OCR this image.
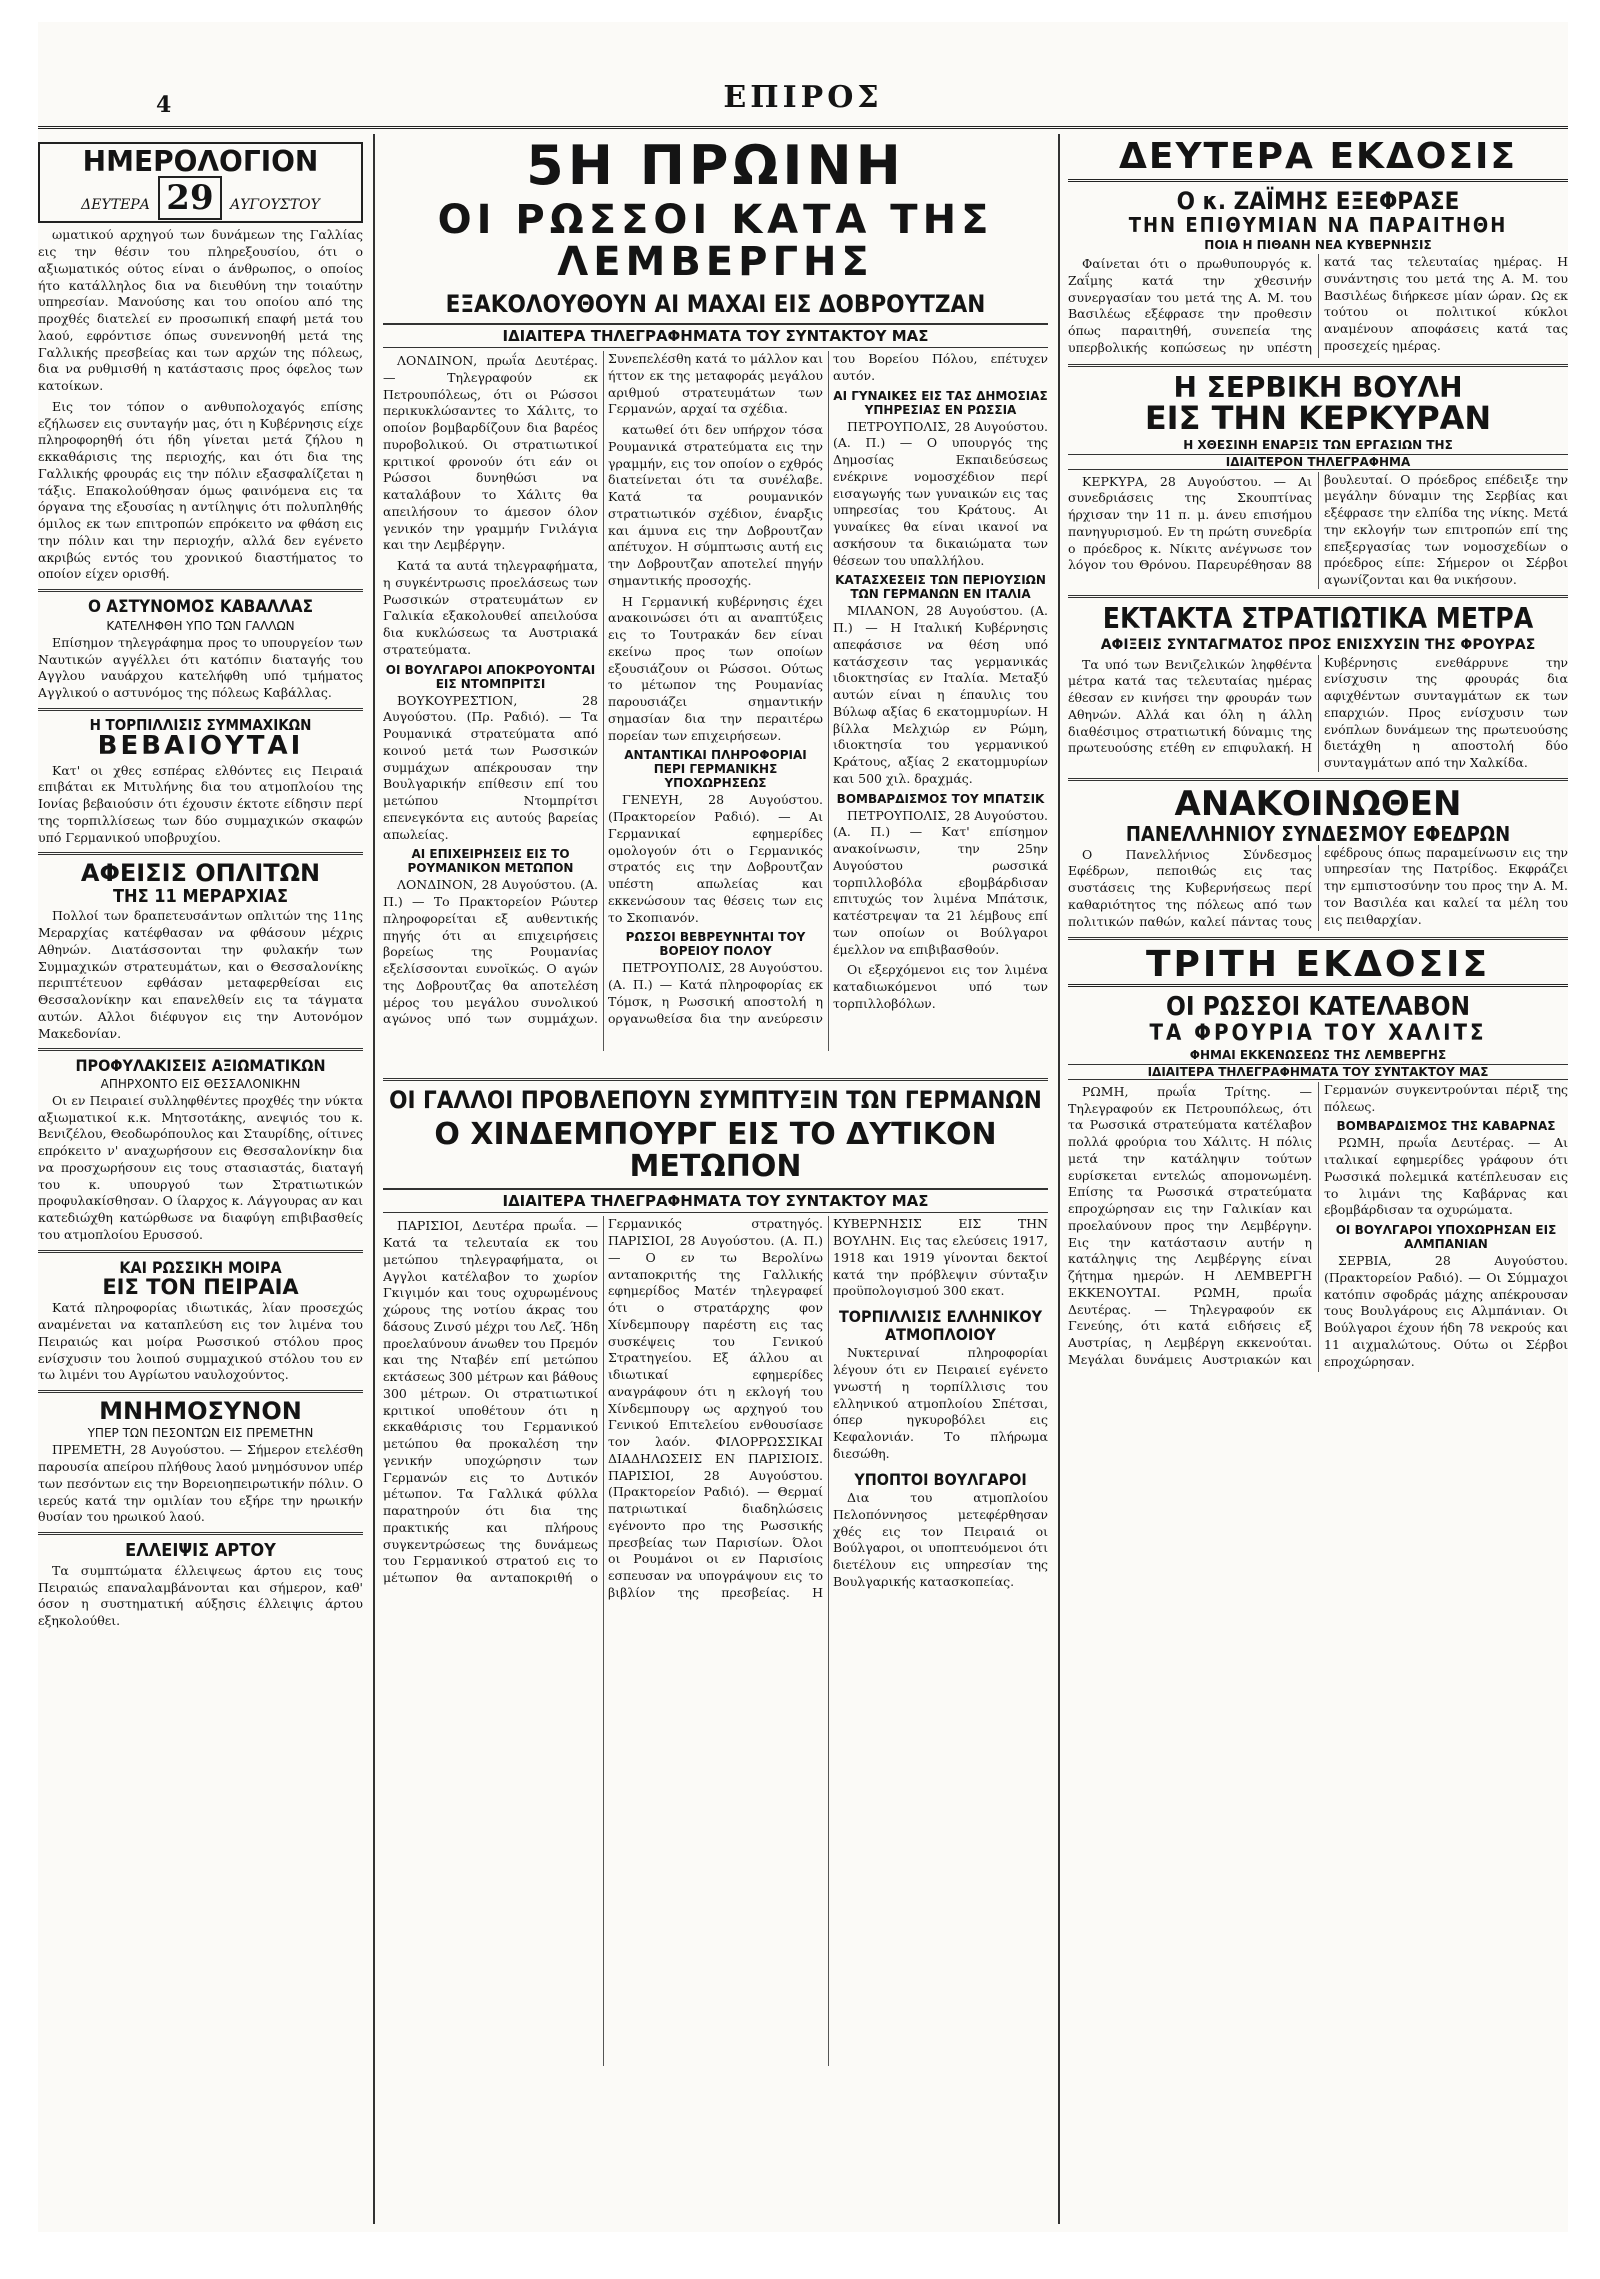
4	ΕΠΙΡΟΣ
ΗΜΕΡΟΛΟΓΙΟΝ
ΔΕΥΤΕΡΑ 29 ΑΥΓΟΥΣΤΟΥ
ωματικού αρχηγού των δυνάμεων της Γαλλίας εις την θέσιν του πληρεξουσίου, ότι ο αξιωματικός ούτος είναι ο άνθρωπος, ο οποίος ήτο κατάλληλος δια να διευθύνη την τοιαύτην υπηρεσίαν. Μανούσης και του οποίου από της προχθές διατελεί εν προσωπική επαφή μετά του λαού, εφρόντισε όπως συνεννοηθή μετά της Γαλλικής πρεσβείας και των αρχών της πόλεως, δια να ρυθμισθή η κατάστασις προς όφελος των κατοίκων.
Εις τον τόπον ο ανθυπολοχαγός επίσης εζήλωσεν εις συνταγήν μας, ότι η Κυβέρνησις είχε πληροφορηθή ότι ήδη γίνεται μετά ζήλου η εκκαθάρισις της περιοχής, και ότι δια της Γαλλικής φρουράς εις την πόλιν εξασφαλίζεται η τάξις. Επακολούθησαν όμως φαινόμενα εις τα όργανα της εξουσίας η αντίληψις ότι πολυπληθής όμιλος εκ των επιτροπών επρόκειτο να φθάση εις την πόλιν και την περιοχήν, αλλά δεν εγένετο ακριβώς εντός του χρονικού διαστήματος το οποίον είχεν ορισθή.
Ο ΑΣΤΥΝΟΜΟΣ ΚΑΒΑΛΛΑΣ
ΚΑΤΕΛΗΦΘΗ ΥΠΟ ΤΩΝ ΓΑΛΛΩΝ
Επίσημον τηλεγράφημα προς το υπουργείον των Ναυτικών αγγέλλει ότι κατόπιν διαταγής του Αγγλου ναυάρχου κατελήφθη υπό τμήματος Αγγλικού ο αστυνόμος της πόλεως Καβάλλας.
Η ΤΟΡΠΙΛΛΙΣΙΣ ΣΥΜΜΑΧΙΚΩΝ
ΒΕΒΑΙΟΥΤΑΙ
Κατ' οι χθες εσπέρας ελθόντες εις Πειραιά επιβάται εκ Μιτυλήνης δια του ατμοπλοίου της Ιονίας βεβαιούσιν ότι έχουσιν έκτοτε είδησιν περί της τορπιλλίσεως των δύο συμμαχικών σκαφών υπό Γερμανικού υποβρυχίου.
ΑΦΕΙΣΙΣ ΟΠΛΙΤΩΝ
ΤΗΣ 11 ΜΕΡΑΡΧΙΑΣ
Πολλοί των δραπετευσάντων οπλιτών της 11ης Μεραρχίας κατέφθασαν να φθάσουν μέχρις Αθηνών. Διατάσσονται την φυλακήν των Συμμαχικών στρατευμάτων, και ο Θεσσαλονίκης περιπτέτευον εφθάσαν μεταφερθείσαι εις Θεσσαλονίκην και επανελθείν εις τα τάγματα αυτών. Αλλοι διέφυγον εις την Αυτονόμον Μακεδονίαν.
ΠΡΟΦΥΛΑΚΙΣΕΙΣ ΑΞΙΩΜΑΤΙΚΩΝ
ΑΠΗΡΧΟΝΤΟ ΕΙΣ ΘΕΣΣΑΛΟΝΙΚΗΝ
Οι εν Πειραιεί συλληφθέντες προχθές την νύκτα αξιωματικοί κ.κ. Μητσοτάκης, ανεψιός του κ. Βενιζέλου, Θεοδωρόπουλος και Σταυρίδης, οίτινες επρόκειτο ν' αναχωρήσουν εις Θεσσαλονίκην δια να προσχωρήσουν εις τους στασιαστάς, διαταγή του κ. υπουργού των Στρατιωτικών προφυλακίσθησαν. Ο ίλαρχος κ. Λάγγουρας αν και κατεδιώχθη κατώρθωσε να διαφύγη επιβιβασθείς του ατμοπλοίου Ερυσσού.
ΚΑΙ ΡΩΣΣΙΚΗ ΜΟΙΡΑ
ΕΙΣ ΤΟΝ ΠΕΙΡΑΙΑ
Κατά πληροφορίας ιδιωτικάς, λίαν προσεχώς αναμένεται να καταπλεύση εις τον λιμένα του Πειραιώς και μοίρα Ρωσσικού στόλου προς ενίσχυσιν του λοιπού συμμαχικού στόλου του εν τω λιμένι του Αγρίωτου ναυλοχούντος.
ΜΝΗΜΟΣΥΝΟΝ
ΥΠΕΡ ΤΩΝ ΠΕΣΟΝΤΩΝ ΕΙΣ ΠΡΕΜΕΤΗΝ
ΠΡΕΜΕΤΗ, 28 Αυγούστου. — Σήμερον ετελέσθη παρουσία απείρου πλήθους λαού μνημόσυνον υπέρ των πεσόντων εις την Βορειοηπειρωτικήν πόλιν. Ο ιερεύς κατά την ομιλίαν του εξήρε την ηρωικήν θυσίαν του ηρωικού λαού.
ΕΛΛΕΙΨΙΣ ΑΡΤΟΥ
Τα συμπτώματα έλλειψεως άρτου εις τους Πειραιώς επαναλαμβάνονται και σήμερον, καθ' όσον η συστηματική αύξησις έλλειψις άρτου εξηκολούθει.
5Η ΠΡΩΙΝΗ
ΟΙ ΡΩΣΣΟΙ ΚΑΤΑ ΤΗΣ ΛΕΜΒΕΡΓΗΣ
ΕΞΑΚΟΛΟΥΘΟΥΝ ΑΙ ΜΑΧΑΙ ΕΙΣ ΔΟΒΡΟΥΤΖΑΝ
ΙΔΙΑΙΤΕΡΑ ΤΗΛΕΓΡΑΦΗΜΑΤΑ ΤΟΥ ΣΥΝΤΑΚΤΟΥ ΜΑΣ
ΛΟΝΔΙΝΟΝ, πρωΐα Δευτέρας. — Τηλεγραφούν εκ Πετρουπόλεως, ότι οι Ρώσσοι περικυκλώσαντες το Χάλιτς, το οποίον βομβαρδίζουν δια βαρέος πυροβολικού. Οι στρατιωτικοί κριτικοί φρονούν ότι εάν οι Ρώσσοι δυνηθώσι να καταλάβουν το Χάλιτς θα απειλήσουν το άμεσον όλον γενικόν την γραμμήν Γνιλάγια και την Λεμβέργην.
Κατά τα αυτά τηλεγραφήματα, η συγκέντρωσις προελάσεως των Ρωσσικών στρατευμάτων εν Γαλικία εξακολουθεί απειλούσα δια κυκλώσεως τα Αυστριακά στρατεύματα.
ΟΙ ΒΟΥΛΓΑΡΟΙ ΑΠΟΚΡΟΥΟΝΤΑΙ ΕΙΣ ΝΤΟΜΠΡΙΤΣΙ
ΒΟΥΚΟΥΡΕΣΤΙΟΝ, 28 Αυγούστου. (Πρ. Ραδιό). — Τα Ρουμανικά στρατεύματα από κοινού μετά των Ρωσσικών συμμάχων απέκρουσαν την Βουλγαρικήν επίθεσιν επί του μετώπου Ντομπρίτσι επενεγκόντα εις αυτούς βαρείας απωλείας.
ΑΙ ΕΠΙΧΕΙΡΗΣΕΙΣ ΕΙΣ ΤΟ ΡΟΥΜΑΝΙΚΟΝ ΜΕΤΩΠΟΝ
ΛΟΝΔΙΝΟΝ, 28 Αυγούστου. (Α. Π.) — Το Πρακτορείον Ρώυτερ πληροφορείται εξ αυθεντικής πηγής ότι αι επιχειρήσεις βορείως της Ρουμανίας εξελίσσονται ευνοϊκώς. Ο αγών της Δοβρουτζας θα αποτελέση μέρος του μεγάλου συνολικού αγώνος υπό των συμμάχων. Συνεπελέσθη κατά το μάλλον και ήττον εκ της μεταφοράς μεγάλου αριθμού στρατευμάτων των Γερμανών, αρχαί τα σχέδια.
κατωθεί ότι δεν υπήρχον τόσα Ρουμανικά στρατεύματα εις την γραμμήν, εις τον οποίον ο εχθρός διατείνεται ότι τα συνέλαβε. Κατά τα ρουμανικόν στρατιωτικόν σχέδιον, έναρξις και άμυνα εις την Δοβρουτζαν απέτυχον. Η σύμπτωσις αυτή εις την Δοβρουτζαν αποτελεί πηγήν σημαντικής προσοχής.
Η Γερμανική κυβέρνησις έχει ανακοινώσει ότι αι αναπτύξεις εις το Τουτρακάν δεν είναι εκείνω προς των οποίων εξουσιάζουν οι Ρώσσοι. Ούτως το μέτωπον της Ρουμανίας παρουσιάζει σημαντικήν σημασίαν δια την περαιτέρω πορείαν των επιχειρήσεων.
ΑΝΤΑΝΤΙΚΑΙ ΠΛΗΡΟΦΟΡΙΑΙ ΠΕΡΙ ΓΕΡΜΑΝΙΚΗΣ ΥΠΟΧΩΡΗΣΕΩΣ
ΓΕΝΕΥΗ, 28 Αυγούστου. (Πρακτορείον Ραδιό). — Αι Γερμανικαί εφημερίδες ομολογούν ότι ο Γερμανικός στρατός εις την Δοβρουτζαν υπέστη απωλείας και εκκενώσουν τας θέσεις των εις το Σκοπιανόν.
ΡΩΣΣΟΙ ΒΕΒΡΕΥΝΗΤΑΙ ΤΟΥ ΒΟΡΕΙΟΥ ΠΟΛΟΥ
ΠΕΤΡΟΥΠΟΛΙΣ, 28 Αυγούστου. (Α. Π.) — Κατά πληροφορίας εκ Τόμσκ, η Ρωσσική αποστολή η οργανωθείσα δια την ανεύρεσιν του Βορείου Πόλου, επέτυχεν αυτόν.
ΑΙ ΓΥΝΑΙΚΕΣ ΕΙΣ ΤΑΣ ΔΗΜΟΣΙΑΣ ΥΠΗΡΕΣΙΑΣ ΕΝ ΡΩΣΣΙΑ
ΠΕΤΡΟΥΠΟΛΙΣ, 28 Αυγούστου. (Α. Π.) — Ο υπουργός της Δημοσίας Εκπαιδεύσεως ενέκρινε νομοσχέδιον περί εισαγωγής των γυναικών εις τας υπηρεσίας του Κράτους. Αι γυναίκες θα είναι ικανοί να ασκήσουν τα δικαιώματα των θέσεων του υπαλλήλου.
ΚΑΤΑΣΧΕΣΕΙΣ ΤΩΝ ΠΕΡΙΟΥΣΙΩΝ ΤΩΝ ΓΕΡΜΑΝΩΝ ΕΝ ΙΤΑΛΙΑ
ΜΙΛΑΝΟΝ, 28 Αυγούστου. (Α. Π.) — Η Ιταλική Κυβέρνησις απεφάσισε να θέση υπό κατάσχεσιν τας γερμανικάς ιδιοκτησίας εν Ιταλία. Μεταξύ αυτών είναι η έπαυλις του Βύλωφ αξίας 6 εκατομμυρίων. Η βίλλα Μελχιώρ εν Ρώμη, ιδιοκτησία του γερμανικού Κράτους, αξίας 2 εκατομμυρίων και 500 χιλ. δραχμάς.
ΒΟΜΒΑΡΔΙΣΜΟΣ ΤΟΥ ΜΠΑΤΣΙΚ
ΠΕΤΡΟΥΠΟΛΙΣ, 28 Αυγούστου. (Α. Π.) — Κατ' επίσημον ανακοίνωσιν, την 25ην Αυγούστου ρωσσικά τορπιλλοβόλα εβομβάρδισαν επιτυχώς τον λιμένα Μπάτσικ, κατέστρεψαν τα 21 λέμβους επί των οποίων οι Βούλγαροι έμελλον να επιβιβασθούν.
Οι εξερχόμενοι εις τον λιμένα καταδιωκόμενοι υπό των τορπιλλοβόλων.
ΟΙ ΓΑΛΛΟΙ ΠΡΟΒΛΕΠΟΥΝ ΣΥΜΠΤΥΞΙΝ ΤΩΝ ΓΕΡΜΑΝΩΝ
Ο ΧΙΝΔΕΜΠΟΥΡΓ ΕΙΣ ΤΟ ΔΥΤΙΚΟΝ ΜΕΤΩΠΟΝ
ΙΔΙΑΙΤΕΡΑ ΤΗΛΕΓΡΑΦΗΜΑΤΑ ΤΟΥ ΣΥΝΤΑΚΤΟΥ ΜΑΣ
ΠΑΡΙΣΙΟΙ, Δευτέρα πρωΐα. — Κατά τα τελευταία εκ του μετώπου τηλεγραφήματα, οι Αγγλοι κατέλαβον το χωρίον Γκιγιμόν και τους οχυρωμένους χώρους της νοτίου άκρας του δάσους Ζινσύ μέχρι του Λεζ. Ήδη προελαύνουν άνωθεν του Πρεμόν και της Νταβέν επί μετώπου εκτάσεως 300 μέτρων και βάθους 300 μέτρων. Οι στρατιωτικοί κριτικοί υποθέτουν ότι η εκκαθάρισις του Γερμανικού μετώπου θα προκαλέση την γενικήν υποχώρησιν των Γερμανών εις το Δυτικόν μέτωπον. Τα Γαλλικά φύλλα παρατηρούν ότι δια της πρακτικής και πλήρους συγκεντρώσεως της δυνάμεως του Γερμανικού στρατού εις το μέτωπον θα ανταποκριθή ο Γερμανικός στρατηγός. ΠΑΡΙΣΙΟΙ, 28 Αυγούστου. (Α. Π.) — Ο εν τω Βερολίνω ανταποκριτής της Γαλλικής εφημερίδος Ματέν τηλεγραφεί ότι ο στρατάρχης φον Χίνδεμπουργ παρέστη εις τας συσκέψεις του Γενικού Στρατηγείου. Εξ άλλου αι ιδιωτικαί εφημερίδες αναγράφουν ότι η εκλογή του Χίνδεμπουργ ως αρχηγού του Γενικού Επιτελείου ενθουσίασε τον λαόν. ΦΙΛΟΡΡΩΣΣΙΚΑΙ ΔΙΑΔΗΛΩΣΕΙΣ ΕΝ ΠΑΡΙΣΙΟΙΣ. ΠΑΡΙΣΙΟΙ, 28 Αυγούστου. (Πρακτορείον Ραδιό). — Θερμαί πατριωτικαί διαδηλώσεις εγένοντο προ της Ρωσσικής πρεσβείας των Παρισίων. Όλοι οι Ρουμάνοι οι εν Παρισίοις εσπευσαν να υπογράψουν εις το βιβλίον της πρεσβείας. Η ΚΥΒΕΡΝΗΣΙΣ ΕΙΣ ΤΗΝ ΒΟΥΛΗΝ. Εις τας ελεύσεις 1917, 1918 και 1919 γίνονται δεκτοί κατά την πρόβλεψιν σύνταξιν προϋπολογισμού 300 εκατ.
ΤΟΡΠΙΛΛΙΣΙΣ ΕΛΛΗΝΙΚΟΥ ΑΤΜΟΠΛΟΙΟΥ
Νυκτεριναί πληροφορίαι λέγουν ότι εν Πειραιεί εγένετο γνωστή η τορπίλλισις του ελληνικού ατμοπλοίου Σπέτσαι, όπερ ηγκυροβόλει εις Κεφαλονιάν. Το πλήρωμα διεσώθη.
ΥΠΟΠΤΟΙ ΒΟΥΛΓΑΡΟΙ
Δια του ατμοπλοίου Πελοπόννησος μετεφέρθησαν χθές εις τον Πειραιά οι Βούλγαροι, οι υποπτευόμενοι ότι διετέλουν εις υπηρεσίαν της Βουλγαρικής κατασκοπείας.
ΔΕΥΤΕΡΑ ΕΚΔΟΣΙΣ
Ο κ. ΖΑΪΜΗΣ ΕΞΕΦΡΑΣΕ
ΤΗΝ ΕΠΙΘΥΜΙΑΝ ΝΑ ΠΑΡΑΙΤΗΘΗ
ΠΟΙΑ Η ΠΙΘΑΝΗ ΝΕΑ ΚΥΒΕΡΝΗΣΙΣ
Φαίνεται ότι ο πρωθυπουργός κ. Ζαΐμης κατά την χθεσινήν συνεργασίαν του μετά της Α. Μ. του Βασιλέως εξέφρασε την προθεσιν όπως παραιτηθή, συνεπεία της υπερβολικής κοπώσεως ην υπέστη κατά τας τελευταίας ημέρας. Η συνάντησις του μετά της Α. Μ. του Βασιλέως διήρκεσε μίαν ώραν. Ως εκ τούτου οι πολιτικοί κύκλοι αναμένουν αποφάσεις κατά τας προσεχείς ημέρας.
Η ΣΕΡΒΙΚΗ ΒΟΥΛΗ
ΕΙΣ ΤΗΝ ΚΕΡΚΥΡΑΝ
Η ΧΘΕΣΙΝΗ ΕΝΑΡΞΙΣ ΤΩΝ ΕΡΓΑΣΙΩΝ ΤΗΣ
ΙΔΙΑΙΤΕΡΟΝ ΤΗΛΕΓΡΑΦΗΜΑ
ΚΕΡΚΥΡΑ, 28 Αυγούστου. — Αι συνεδριάσεις της Σκουπτίνας ήρχισαν την 11 π. μ. άνευ επισήμου πανηγυρισμού. Εν τη πρώτη συνεδρία ο πρόεδρος κ. Νίκιτς ανέγνωσε τον λόγον του Θρόνου. Παρευρέθησαν 88 βουλευταί. Ο πρόεδρος επέδειξε την μεγάλην δύναμιν της Σερβίας και εξέφρασε την ελπίδα της νίκης. Μετά την εκλογήν των επιτροπών επί της επεξεργασίας των νομοσχεδίων ο πρόεδρος είπε: Σήμερον οι Σέρβοι αγωνίζονται και θα νικήσουν.
ΕΚΤΑΚΤΑ ΣΤΡΑΤΙΩΤΙΚΑ ΜΕΤΡΑ
ΑΦΙΞΕΙΣ ΣΥΝΤΑΓΜΑΤΟΣ ΠΡΟΣ ΕΝΙΣΧΥΣΙΝ ΤΗΣ ΦΡΟΥΡΑΣ
Τα υπό των Βενιζελικών ληφθέντα μέτρα κατά τας τελευταίας ημέρας έθεσαν εν κινήσει την φρουράν των Αθηνών. Αλλά και όλη η άλλη διαθέσιμος στρατιωτική δύναμις της πρωτευούσης ετέθη εν επιφυλακή. Η Κυβέρνησις ενεθάρρυνε την ενίσχυσιν της φρουράς δια αφιχθέντων συνταγμάτων εκ των επαρχιών. Προς ενίσχυσιν των ενόπλων δυνάμεων της πρωτευούσης διετάχθη η αποστολή δύο συνταγμάτων από την Χαλκίδα.
ΑΝΑΚΟΙΝΩΘΕΝ
ΠΑΝΕΛΛΗΝΙΟΥ ΣΥΝΔΕΣΜΟΥ ΕΦΕΔΡΩΝ
Ο Πανελλήνιος Σύνδεσμος Εφέδρων, πεποιθώς εις τας συστάσεις της Κυβερνήσεως περί καθαριότητος της πόλεως από των πολιτικών παθών, καλεί πάντας τους εφέδρους όπως παραμείνωσιν εις την υπηρεσίαν της Πατρίδος. Εκφράζει την εμπιστοσύνην του προς την Α. Μ. τον Βασιλέα και καλεί τα μέλη του εις πειθαρχίαν.
ΤΡΙΤΗ ΕΚΔΟΣΙΣ
ΟΙ ΡΩΣΣΟΙ ΚΑΤΕΛΑΒΟΝ
ΤΑ ΦΡΟΥΡΙΑ ΤΟΥ ΧΑΛΙΤΣ
ΦΗΜΑΙ ΕΚΚΕΝΩΣΕΩΣ ΤΗΣ ΛΕΜΒΕΡΓΗΣ
ΙΔΙΑΙΤΕΡΑ ΤΗΛΕΓΡΑΦΗΜΑΤΑ ΤΟΥ ΣΥΝΤΑΚΤΟΥ ΜΑΣ
ΡΩΜΗ, πρωΐα Τρίτης. — Τηλεγραφούν εκ Πετρουπόλεως, ότι τα Ρωσσικά στρατεύματα κατέλαβον πολλά φρούρια του Χάλιτς. Η πόλις μετά την κατάληψιν τούτων ευρίσκεται εντελώς απομονωμένη. Επίσης τα Ρωσσικά στρατεύματα επροχώρησαν εις την Γαλικίαν και προελαύνουν προς την Λεμβέργην. Εις την κατάστασιν αυτήν η κατάληψις της Λεμβέργης είναι ζήτημα ημερών. Η ΛΕΜΒΕΡΓΗ ΕΚΚΕΝΟΥΤΑΙ. ΡΩΜΗ, πρωΐα Δευτέρας. — Τηλεγραφούν εκ Γενεύης, ότι κατά ειδήσεις εξ Αυστρίας, η Λεμβέργη εκκενούται. Μεγάλαι δυνάμεις Αυστριακών και Γερμανών συγκεντρούνται πέριξ της πόλεως.
ΒΟΜΒΑΡΔΙΣΜΟΣ ΤΗΣ ΚΑΒΑΡΝΑΣ
ΡΩΜΗ, πρωΐα Δευτέρας. — Αι ιταλικαί εφημερίδες γράφουν ότι Ρωσσικά πολεμικά κατέπλευσαν εις το λιμάνι της Καβάρνας και εβομβάρδισαν τα οχυρώματα.
ΟΙ ΒΟΥΛΓΑΡΟΙ ΥΠΟΧΩΡΗΣΑΝ ΕΙΣ ΑΛΜΠΑΝΙΑΝ
ΣΕΡΒΙΑ, 28 Αυγούστου. (Πρακτορείον Ραδιό). — Οι Σύμμαχοι κατόπιν σφοδράς μάχης απέκρουσαν τους Βουλγάρους εις Αλμπάνιαν. Οι Βούλγαροι έχουν ήδη 78 νεκρούς και 11 αιχμαλώτους. Ούτω οι Σέρβοι επροχώρησαν.
